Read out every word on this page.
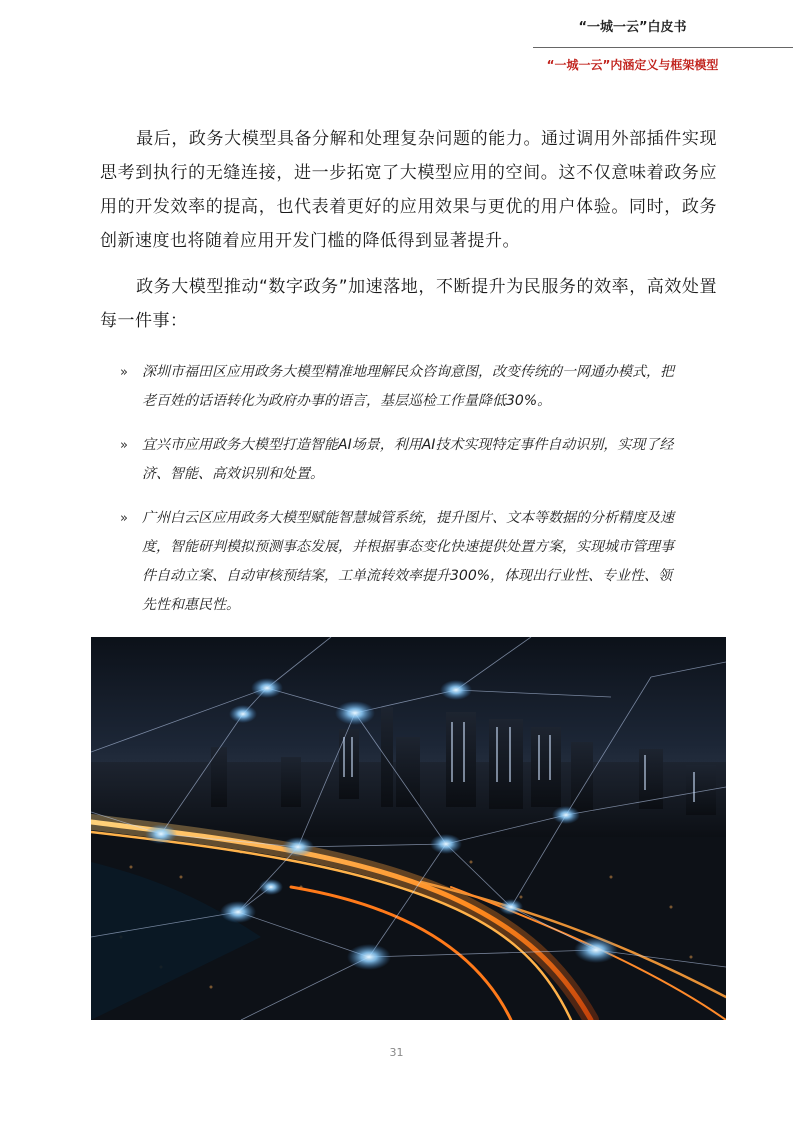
“一城一云”白皮书
“一城一云”内涵定义与框架模型

最后，政务大模型具备分解和处理复杂问题的能力。通过调用外部插件实现思考到执行的无缝连接，进一步拓宽了大模型应用的空间。这不仅意味着政务应用的开发效率的提高，也代表着更好的应用效果与更优的用户体验。同时，政务创新速度也将随着应用开发门槛的降低得到显著提升。

政务大模型推动“数字政务”加速落地，不断提升为民服务的效率，高效处置每一件事：

» 深圳市福田区应用政务大模型精准地理解民众咨询意图，改变传统的一网通办模式，把老百姓的话语转化为政府办事的语言，基层巡检工作量降低30%。
» 宜兴市应用政务大模型打造智能AI场景，利用AI技术实现特定事件自动识别，实现了经济、智能、高效识别和处置。
» 广州白云区应用政务大模型赋能智慧城管系统，提升图片、文本等数据的分析精度及速度，智能研判模拟预测事态发展，并根据事态变化快速提供处置方案，实现城市管理事件自动立案、自动审核预结案，工单流转效率提升300%，体现出行业性、专业性、领先性和惠民性。
31
